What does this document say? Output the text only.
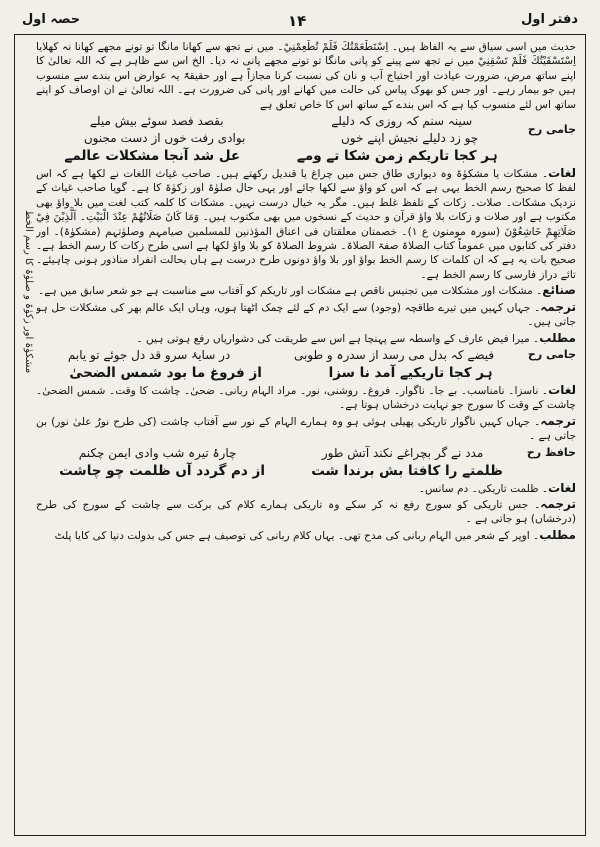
دفتر اول
۱۴
حصہ اول
مشکوٰۃ اور زکوٰۃ و صلوٰۃ کا رسم الخط

حدیث میں اسی سیاق سے یہ الفاظ ہیں۔ اِسْتَطْعَمْتُكَ فَلَمْ تُطْعِمْنِيْ۔ میں نے تجھ سے کھانا مانگا تو تونے مجھے کھانا نہ کھلایا اِسْتَسْقَيْتُكَ فَلَمْ تَسْقِنِيْ میں نے تجھ سے پینے کو پانی مانگا تو تونے مجھے پانی نہ دیا۔ الخ اس سے ظاہر ہے کہ اللہ تعالیٰ کا اپنے ساتھ مرض، ضرورت عیادت اور احتیاج آب و نان کی نسبت کرنا مجازاً ہے اور حقیقۃً یہ عوارض اس بندے سے منسوب ہیں جو بیمار رہے۔ اور جس کو بھوک پیاس کی حالت میں کھانے اور پانی کی ضرورت ہے۔ اللہ تعالیٰ نے ان اوصاف کو اپنے ساتھ اس لئے منسوب کیا ہے کہ اس بندے کے ساتھ اس کا خاص تعلق ہے

جامی رح
سینہ سنم کہ روزی کہ دلیلے
بقصد فصد سوئے بیش میلے
چو زد دلیلے نجیش اپنے خوں
بوادی رفت خوں از دست مجنوں
ہر کجا تاریکم زمن شکا تے ومے
عل شد آنجا مشکلات عالمے

لغات۔ مشکات یا مشکوٰۃ وہ دیواری طاق جس میں چراغ یا قندیل رکھتے ہیں۔ صاحب غیاث اللغات نے لکھا ہے کہ اس لفظ کا صحیح رسم الخط یہی ہے کہ اس کو واؤ سے لکھا جائے اور یہی حال صلوٰۃ اور زکوٰۃ کا ہے۔ گویا صاحب غیاث کے نزدیک مشکات۔ صلات۔ زکات کے تلفظ غلط ہیں۔ مگر یہ خیال درست نہیں۔ مشکات کا کلمہ کتب لغت میں بلا واؤ بھی مکتوب ہے اور صلات و زکات بلا واؤ قرآن و حدیث کے نسخوں میں بھی مکتوب ہیں۔ وَمَا كَانَ صَلَاتُهُمْ عِنْدَ الْبَيْتِ۔ اَلَّذِيْنَ فِيْ صَلَاتِهِمْ خَاشِعُوْنَ (سورہ مومنون ع ۱)۔ خصمتان معلقتان فی اعناق المؤذنین للمسلمین صیامہم وصلوٰتہم (مشکوٰۃ)۔ اور دفتر کی کتابوں میں عموماً کتاب الصلاۃ صفۃ الصلاۃ۔ شروط الصلاۃ کو بلا واؤ لکھا ہے اسی طرح زکات کا رسم الخط ہے۔ صحیح بات یہ ہے کہ ان کلمات کا رسم الخط بواؤ اور بلا واؤ دونوں طرح درست ہے ہاں بحالت انفراد مناذور ہونی چاہیئے۔ تائے دراز فارسی کا رسم الخط ہے۔

صنائع۔ مشکات اور مشکلات میں تجنیس ناقص ہے مشکات اور تاریکم کو آفتاب سے مناسبت ہے جو شعر سابق میں ہے۔

ترجمہ۔ جہاں کہیں میں تیرے طاقچہ (وجود) سے ایک دم کے لئے چمک اٹھتا ہوں، وہاں ایک عالم بھر کی مشکلات حل ہو جاتی ہیں۔

مطلب۔ میرا فیض عارف کے واسطہ سے پہنچا ہے اس سے طریقت کی دشواریاں رفع ہوتی ہیں ۔

جامی رح
فیضے کہ بدل می رسد از سدرہ و طوبی
در سایۂ سرو قد دل جوئے تو یابم
ہر کجا تاریکیے آمد نا سزا
از فروغ ما بود شمس الضحیٰ

لغات۔ ناسزا۔ نامناسب۔ بے جا۔ ناگوار۔ فروغ۔ روشنی، نور۔ مراد الہام ربانی۔ ضحیٰ۔ چاشت کا وقت۔ شمس الضحیٰ۔ چاشت کے وقت کا سورج جو نہایت درخشاں ہوتا ہے۔

ترجمہ۔ جہاں کہیں ناگوار تاریکی پھیلی ہوئی ہو وہ ہمارے الہام کے نور سے آفتاب چاشت (کی طرح نورٌ علیٰ نور) بن جاتی ہے ۔

حافظ رح
مدد نے گر بچراغے نکند آتش طور
چارۂ تیرہ شب وادی ایمن چکنم
ظلمتے را کافتا بش برندا شت
از دم گردد آں ظلمت چو چاشت

لغات۔ ظلمت تاریکی۔ دم سانس۔

ترجمہ۔ جس تاریکی کو سورج رفع نہ کر سکے وہ تاریکی ہمارے کلام کی برکت سے چاشت کے سورج کی طرح (درخشاں) ہو جاتی ہے ۔

مطلب۔ اوپر کے شعر میں الہام ربانی کی مدح تھی۔ یہاں کلام ربانی کی توصیف ہے جس کی بدولت دنیا کی کایا پلٹ
